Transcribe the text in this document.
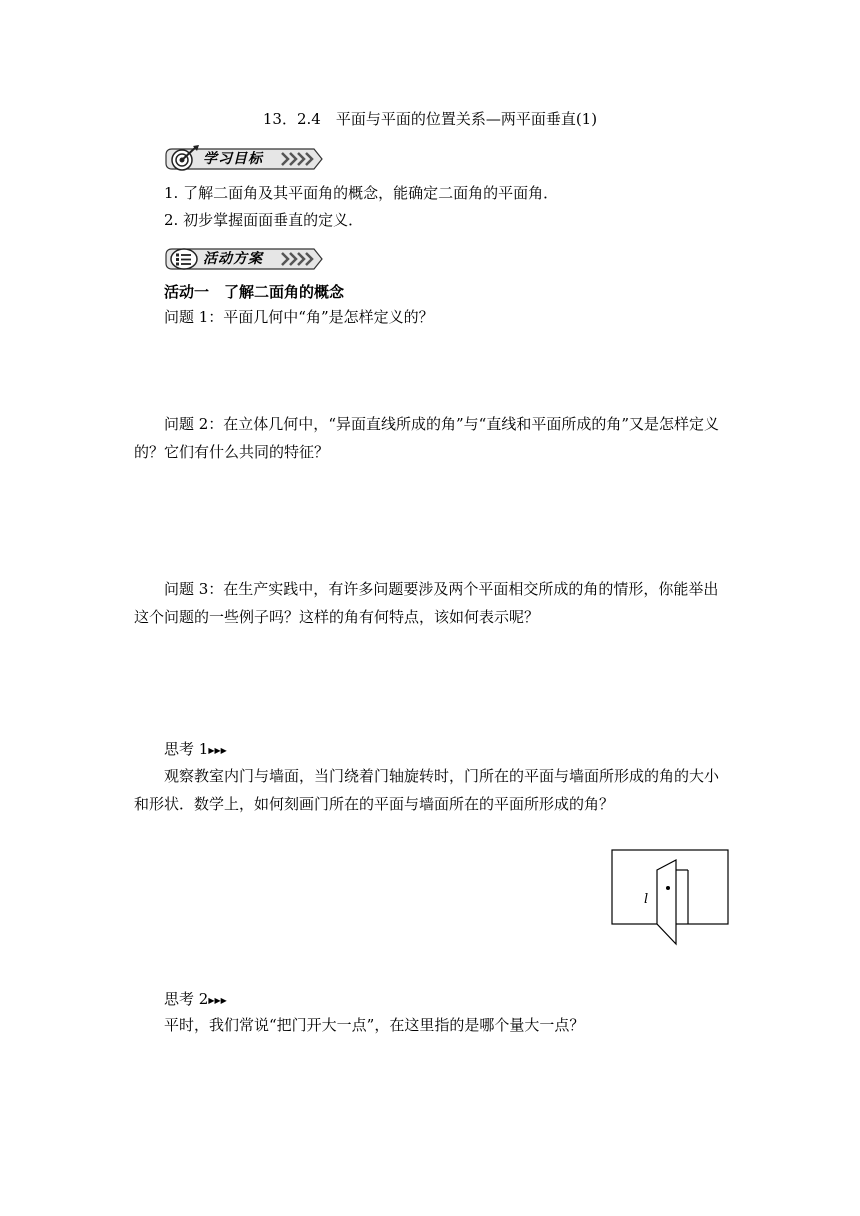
13．2.4　平面与平面的位置关系—两平面垂直(1)
学习目标
1. 了解二面角及其平面角的概念，能确定二面角的平面角．
2. 初步掌握面面垂直的定义．
活动方案
活动一　了解二面角的概念
问题 1：平面几何中“角”是怎样定义的？
问题 2：在立体几何中，“异面直线所成的角”与“直线和平面所成的角”又是怎样定义的？它们有什么共同的特征？
问题 3：在生产实践中，有许多问题要涉及两个平面相交所成的角的情形，你能举出这个问题的一些例子吗？这样的角有何特点，该如何表示呢？
思考 1▶▶▶
观察教室内门与墙面，当门绕着门轴旋转时，门所在的平面与墙面所形成的角的大小和形状．数学上，如何刻画门所在的平面与墙面所在的平面所形成的角？
l
思考 2▶▶▶
平时，我们常说“把门开大一点”，在这里指的是哪个量大一点？
